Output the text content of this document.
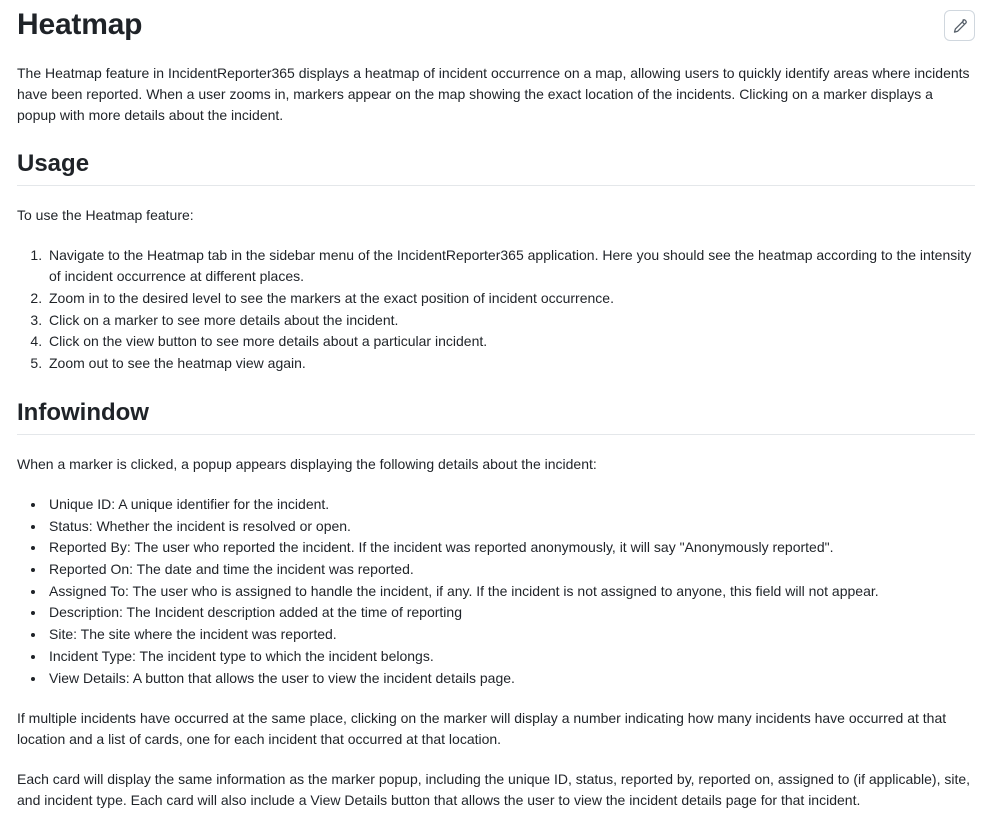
Heatmap

The Heatmap feature in IncidentReporter365 displays a heatmap of incident occurrence on a map, allowing users to quickly identify areas where incidents have been reported. When a user zooms in, markers appear on the map showing the exact location of the incidents. Clicking on a marker displays a popup with more details about the incident.

Usage

To use the Heatmap feature:

1. Navigate to the Heatmap tab in the sidebar menu of the IncidentReporter365 application. Here you should see the heatmap according to the intensity of incident occurrence at different places.
2. Zoom in to the desired level to see the markers at the exact position of incident occurrence.
3. Click on a marker to see more details about the incident.
4. Click on the view button to see more details about a particular incident.
5. Zoom out to see the heatmap view again.
Infowindow

When a marker is clicked, a popup appears displaying the following details about the incident:

• Unique ID: A unique identifier for the incident.
• Status: Whether the incident is resolved or open.
• Reported By: The user who reported the incident. If the incident was reported anonymously, it will say "Anonymously reported".
• Reported On: The date and time the incident was reported.
• Assigned To: The user who is assigned to handle the incident, if any. If the incident is not assigned to anyone, this field will not appear.
• Description: The Incident description added at the time of reporting
• Site: The site where the incident was reported.
• Incident Type: The incident type to which the incident belongs.
• View Details: A button that allows the user to view the incident details page.

If multiple incidents have occurred at the same place, clicking on the marker will display a number indicating how many incidents have occurred at that location and a list of cards, one for each incident that occurred at that location.

Each card will display the same information as the marker popup, including the unique ID, status, reported by, reported on, assigned to (if applicable), site, and incident type. Each card will also include a View Details button that allows the user to view the incident details page for that incident.
